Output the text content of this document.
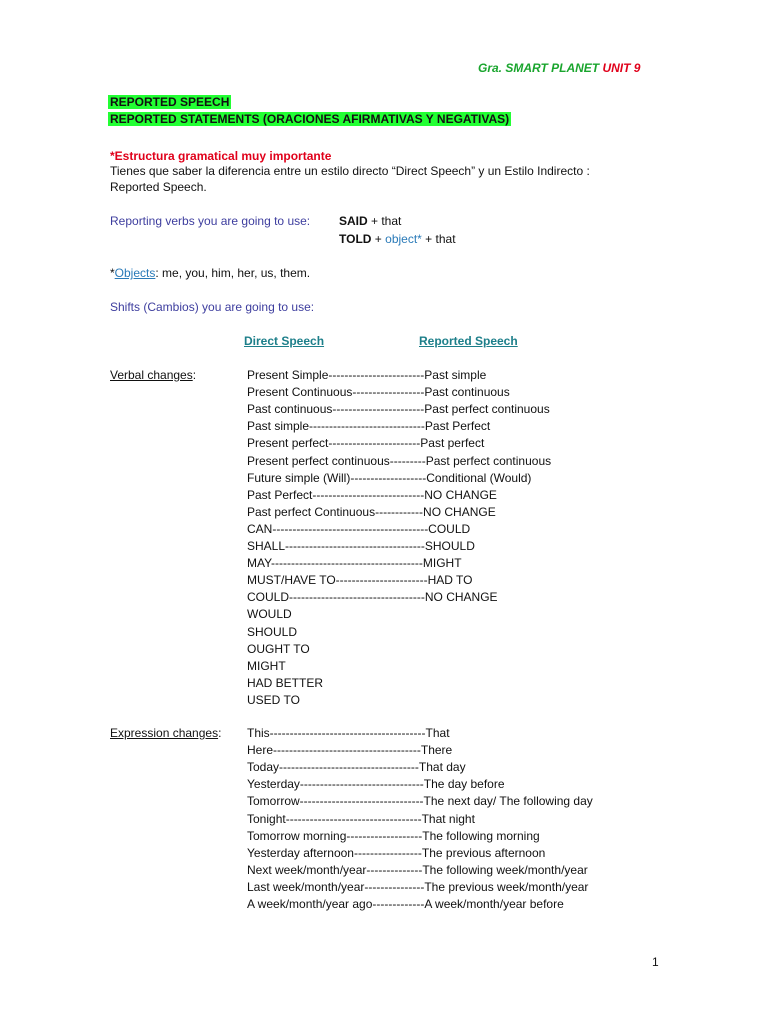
Gra. SMART PLANET UNIT 9
REPORTED SPEECH
REPORTED STATEMENTS (ORACIONES AFIRMATIVAS Y NEGATIVAS)
*Estructura gramatical muy importante
Tienes que saber la diferencia entre un estilo directo “Direct Speech” y un Estilo Indirecto :
Reported Speech.
Reporting verbs you are going to use: SAID + that
TOLD + object* + that
*Objects: me, you, him, her, us, them.
Shifts (Cambios) you are going to use:
Direct Speech	Reported Speech
Verbal changes:	Present Simple------------------------Past simple
Present Continuous------------------Past continuous
Past continuous-----------------------Past perfect continuous
Past simple-----------------------------Past Perfect
Present perfect-----------------------Past perfect
Present perfect continuous---------Past perfect continuous
Future simple (Will)-------------------Conditional (Would)
Past Perfect----------------------------NO CHANGE
Past perfect Continuous------------NO CHANGE
CAN---------------------------------------COULD
SHALL-----------------------------------SHOULD
MAY--------------------------------------MIGHT
MUST/HAVE TO-----------------------HAD TO
COULD----------------------------------NO CHANGE
WOULD
SHOULD
OUGHT TO
MIGHT
HAD BETTER
USED TO
Expression changes: This---------------------------------------That
Here-------------------------------------There
Today-----------------------------------That day
Yesterday-------------------------------The day before
Tomorrow-------------------------------The next day/ The following day
Tonight----------------------------------That night
Tomorrow morning-------------------The following morning
Yesterday afternoon-----------------The previous afternoon
Next week/month/year--------------The following week/month/year
Last week/month/year---------------The previous week/month/year
A week/month/year ago-------------A week/month/year before
1
